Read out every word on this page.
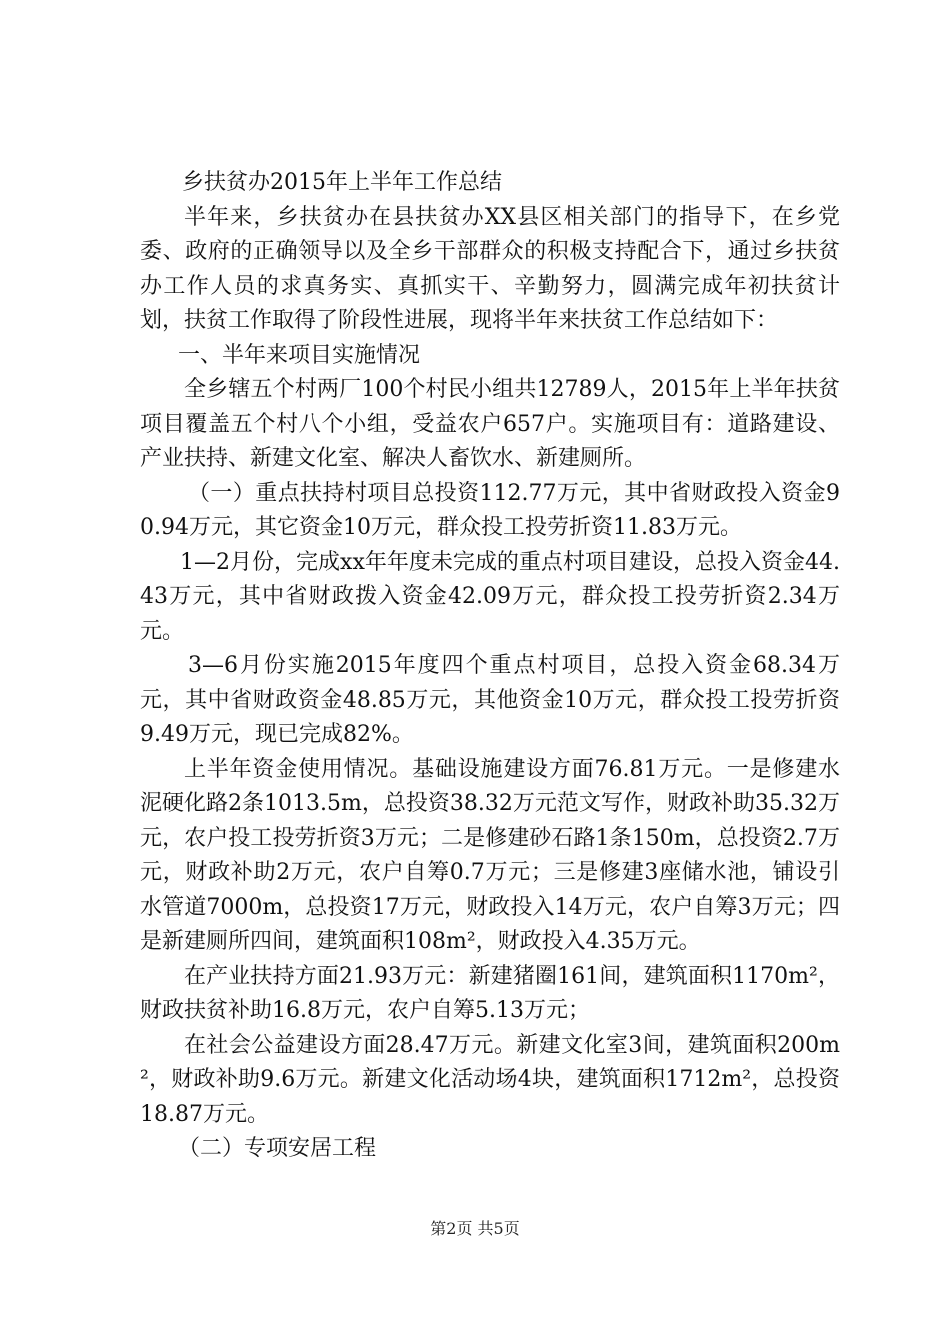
乡扶贫办2015年上半年工作总结

半年来，乡扶贫办在县扶贫办XX县区相关部门的指导下，在乡党委、政府的正确领导以及全乡干部群众的积极支持配合下，通过乡扶贫办工作人员的求真务实、真抓实干、辛勤努力，圆满完成年初扶贫计划，扶贫工作取得了阶段性进展，现将半年来扶贫工作总结如下：

一、半年来项目实施情况

全乡辖五个村两厂100个村民小组共12789人，2015年上半年扶贫项目覆盖五个村八个小组，受益农户657户。实施项目有：道路建设、产业扶持、新建文化室、解决人畜饮水、新建厕所。

（一）重点扶持村项目总投资112.77万元，其中省财政投入资金90.94万元，其它资金10万元，群众投工投劳折资11.83万元。

1—2月份，完成xx年年度未完成的重点村项目建设，总投入资金44.43万元，其中省财政拨入资金42.09万元，群众投工投劳折资2.34万元。

3—6月份实施2015年度四个重点村项目，总投入资金68.34万元，其中省财政资金48.85万元，其他资金10万元，群众投工投劳折资9.49万元，现已完成82%。

上半年资金使用情况。基础设施建设方面76.81万元。一是修建水泥硬化路2条1013.5m，总投资38.32万元范文写作，财政补助35.32万元，农户投工投劳折资3万元；二是修建砂石路1条150m，总投资2.7万元，财政补助2万元，农户自筹0.7万元；三是修建3座储水池，铺设引水管道7000m，总投资17万元，财政投入14万元，农户自筹3万元；四是新建厕所四间，建筑面积108m²，财政投入4.35万元。

在产业扶持方面21.93万元：新建猪圈161间，建筑面积1170m²，财政扶贫补助16.8万元，农户自筹5.13万元；

在社会公益建设方面28.47万元。新建文化室3间，建筑面积200m²，财政补助9.6万元。新建文化活动场4块，建筑面积1712m²，总投资18.87万元。

（二）专项安居工程

第2页 共5页
